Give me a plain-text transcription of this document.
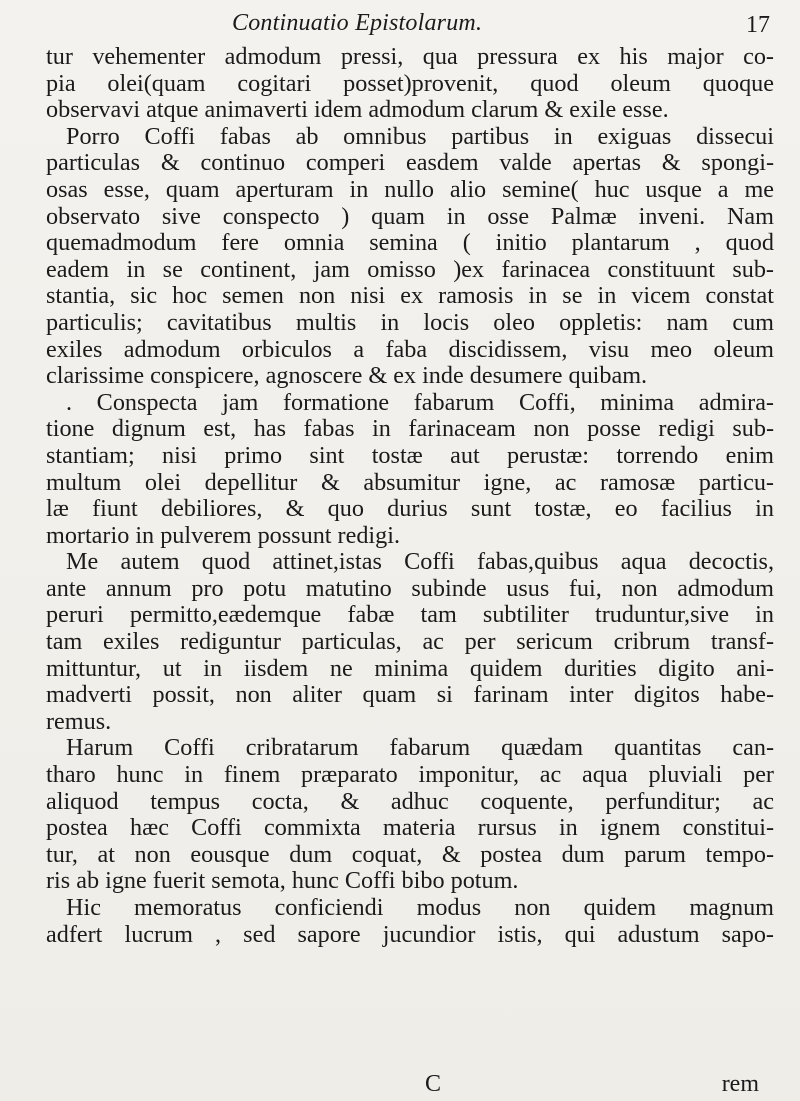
Continuatio Epistolarum.	17
tur vehementer admodum pressi, qua pressura ex his major co-
pia olei(quam cogitari posset)provenit, quod oleum quoque
observavi atque animaverti idem admodum clarum & exile esse.
Porro Coffi fabas ab omnibus partibus in exiguas dissecui
particulas & continuo comperi easdem valde apertas & spongi-
osas esse, quam aperturam in nullo alio semine( huc usque a me
observato sive conspecto ) quam in osse Palmæ inveni. Nam
quemadmodum fere omnia semina ( initio plantarum , quod
eadem in se continent, jam omisso )ex farinacea constituunt sub-
stantia, sic hoc semen non nisi ex ramosis in se in vicem constat
particulis; cavitatibus multis in locis oleo oppletis: nam cum
exiles admodum orbiculos a faba discidissem, visu meo oleum
clarissime conspicere, agnoscere & ex inde desumere quibam.
. Conspecta jam formatione fabarum Coffi, minima admira-
tione dignum est, has fabas in farinaceam non posse redigi sub-
stantiam; nisi primo sint tostæ aut perustæ: torrendo enim
multum olei depellitur & absumitur igne, ac ramosæ particu-
læ fiunt debiliores, & quo durius sunt tostæ, eo facilius in
mortario in pulverem possunt redigi.
Me autem quod attinet,istas Coffi fabas,quibus aqua decoctis,
ante annum pro potu matutino subinde usus fui, non admodum
peruri permitto,eædemque fabæ tam subtiliter truduntur,sive in
tam exiles rediguntur particulas, ac per sericum cribrum transf-
mittuntur, ut in iisdem ne minima quidem durities digito ani-
madverti possit, non aliter quam si farinam inter digitos habe-
remus.
Harum Coffi cribratarum fabarum quædam quantitas can-
tharo hunc in finem præparato imponitur, ac aqua pluviali per
aliquod tempus cocta, & adhuc coquente, perfunditur; ac
postea hæc Coffi commixta materia rursus in ignem constitui-
tur, at non eousque dum coquat, & postea dum parum tempo-
ris ab igne fuerit semota, hunc Coffi bibo potum.
Hic memoratus conficiendi modus non quidem magnum
adfert lucrum , sed sapore jucundior istis, qui adustum sapo-
C	rem
